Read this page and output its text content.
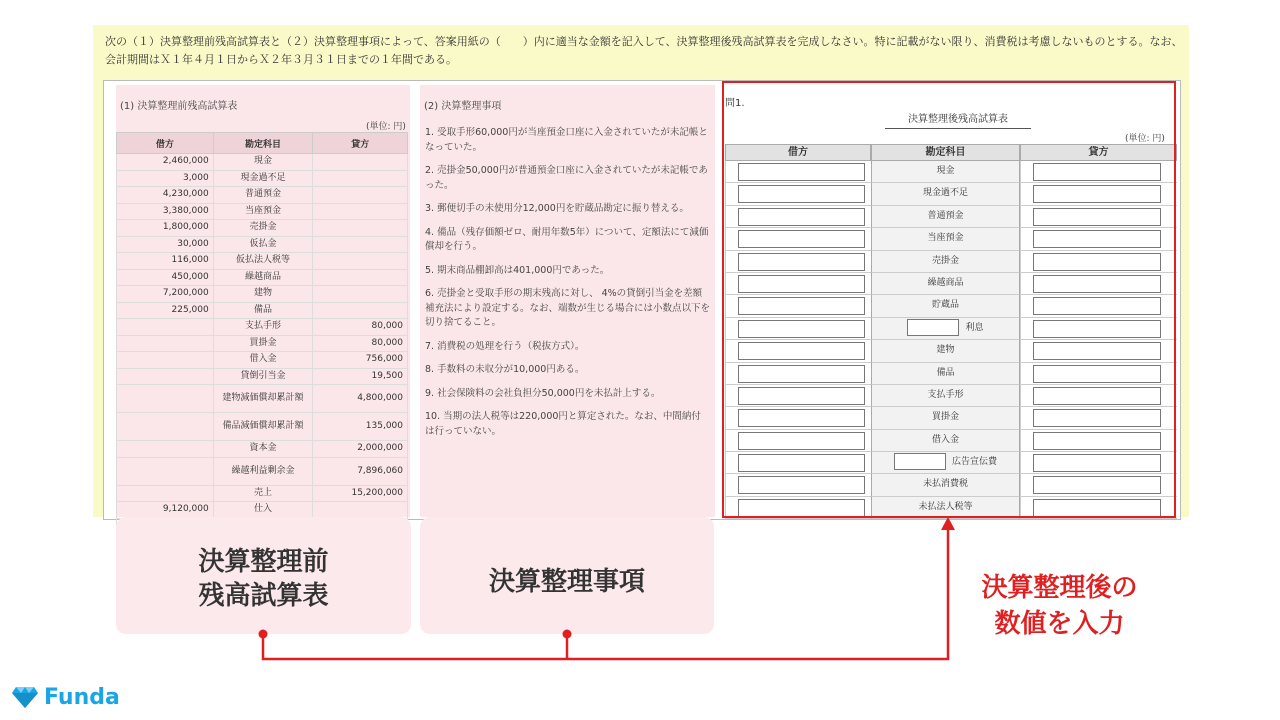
次の（１）決算整理前残高試算表と（２）決算整理事項によって、答案用紙の（　　）内に適当な金額を記入して、決算整理後残高試算表を完成しなさい。特に記載がない限り、消費税は考慮しないものとする。なお、会計期間はＸ１年４月１日からＸ２年３月３１日までの１年間である。
(1) 決算整理前残高試算表
(単位: 円)
借方	勘定科目	貸方
2,460,000	現金	
3,000	現金過不足	
4,230,000	普通預金	
3,380,000	当座預金	
1,800,000	売掛金	
30,000	仮払金	
116,000	仮払法人税等	
450,000	繰越商品	
7,200,000	建物	
225,000	備品	
	支払手形	80,000
	買掛金	80,000
	借入金	756,000
	貸倒引当金	19,500
	建物減価償却累計額	4,800,000
	備品減価償却累計額	135,000
	資本金	2,000,000
	繰越利益剰余金	7,896,060
	売上	15,200,000
9,120,000	仕入	

(2) 決算整理事項
1. 受取手形60,000円が当座預金口座に入金されていたが未記帳となっていた。
2. 売掛金50,000円が普通預金口座に入金されていたが未記帳であった。
3. 郵便切手の未使用分12,000円を貯蔵品勘定に振り替える。
4. 備品（残存価額ゼロ、耐用年数5年）について、定額法にて減価償却を行う。
5. 期末商品棚卸高は401,000円であった。
6. 売掛金と受取手形の期末残高に対し、 4%の貸倒引当金を差額補充法により設定する。なお、端数が生じる場合には小数点以下を切り捨てること。
7. 消費税の処理を行う（税抜方式）。
8. 手数料の未収分が10,000円ある。
9. 社会保険料の会社負担分50,000円を未払計上する。
10. 当期の法人税等は220,000円と算定された。なお、中間納付は行っていない。
問1.
決算整理後残高試算表
(単位: 円)
借方	勘定科目	貸方
現金
現金過不足
普通預金
当座預金
売掛金
繰越商品
貯蔵品
利息
建物
備品
支払手形
買掛金
借入金
広告宣伝費
未払消費税
未払法人税等
決算整理前
残高試算表	決算整理事項	決算整理後の
数値を入力
Funda
